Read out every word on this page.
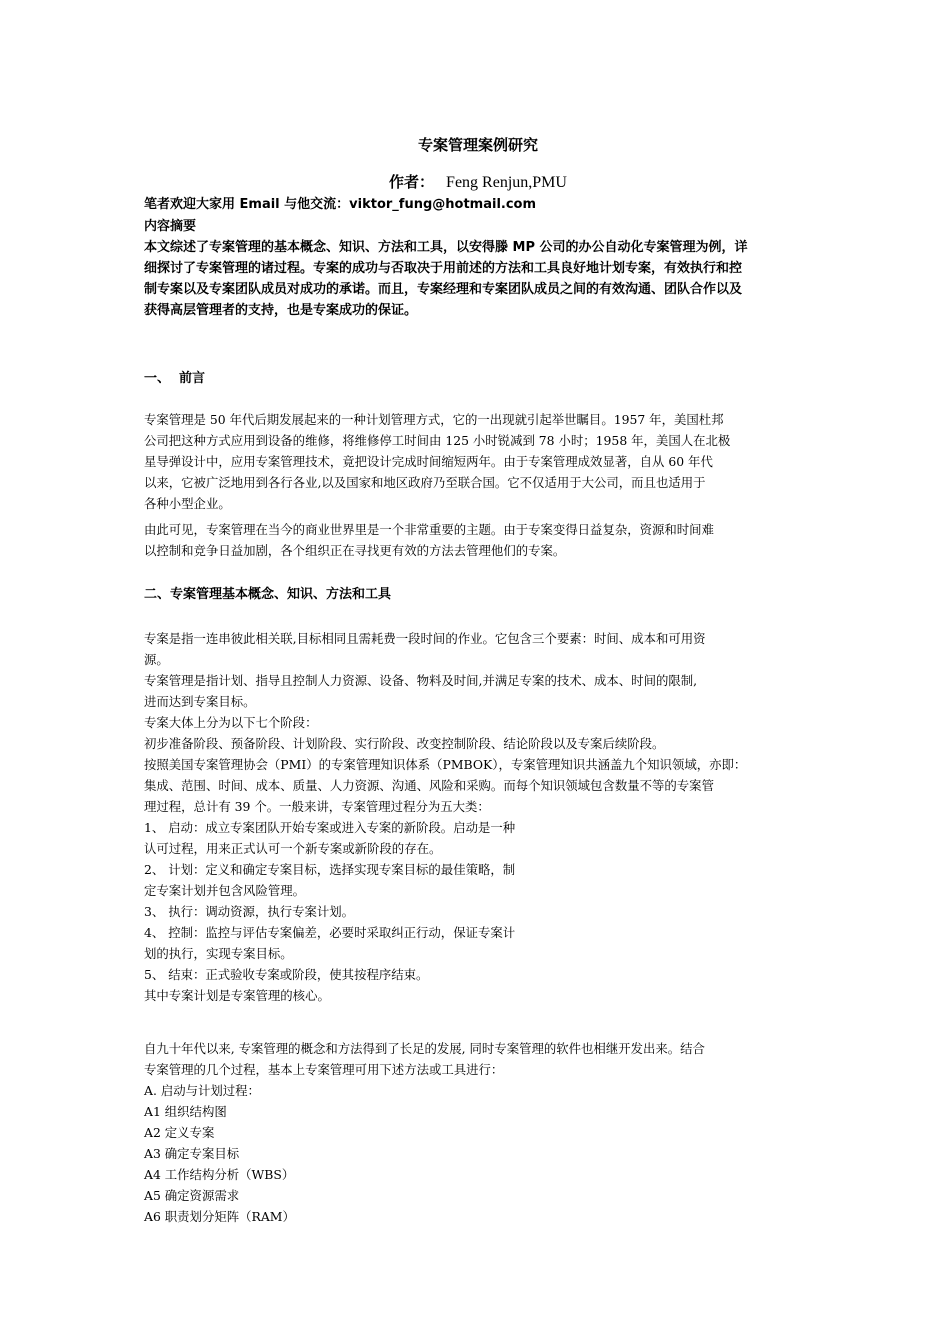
专案管理案例研究
作者： Feng Renjun,PMU
笔者欢迎大家用 Email 与他交流：viktor_fung@hotmail.com
内容摘要
本文综述了专案管理的基本概念、知识、方法和工具，以安得滕 MP 公司的办公自动化专案管理为例，详
细探讨了专案管理的诸过程。专案的成功与否取决于用前述的方法和工具良好地计划专案，有效执行和控
制专案以及专案团队成员对成功的承诺。而且，专案经理和专案团队成员之间的有效沟通、团队合作以及
获得高层管理者的支持，也是专案成功的保证。
一、  前言
专案管理是 50 年代后期发展起来的一种计划管理方式，它的一出现就引起举世瞩目。1957 年，美国杜邦
公司把这种方式应用到设备的维修，将维修停工时间由 125 小时锐减到 78 小时；1958 年，美国人在北极
星导弹设计中，应用专案管理技术，竟把设计完成时间缩短两年。由于专案管理成效显著，自从 60 年代
以来，它被广泛地用到各行各业,以及国家和地区政府乃至联合国。它不仅适用于大公司，而且也适用于
各种小型企业。
由此可见，专案管理在当今的商业世界里是一个非常重要的主题。由于专案变得日益复杂，资源和时间难
以控制和竞争日益加剧，各个组织正在寻找更有效的方法去管理他们的专案。
二、专案管理基本概念、知识、方法和工具
专案是指一连串彼此相关联,目标相同且需耗费一段时间的作业。它包含三个要素：时间、成本和可用资
源。
专案管理是指计划、指导且控制人力资源、设备、物料及时间,并满足专案的技术、成本、时间的限制,
进而达到专案目标。
专案大体上分为以下七个阶段：
初步准备阶段、预备阶段、计划阶段、实行阶段、改变控制阶段、结论阶段以及专案后续阶段。
按照美国专案管理协会（PMI）的专案管理知识体系（PMBOK），专案管理知识共涵盖九个知识领域，亦即：
集成、范围、时间、成本、质量、人力资源、沟通、风险和采购。而每个知识领域包含数量不等的专案管
理过程，总计有 39 个。一般来讲，专案管理过程分为五大类：
1、 启动：成立专案团队开始专案或进入专案的新阶段。启动是一种
认可过程，用来正式认可一个新专案或新阶段的存在。
2、 计划：定义和确定专案目标，选择实现专案目标的最佳策略，制
定专案计划并包含风险管理。
3、 执行：调动资源，执行专案计划。
4、 控制：监控与评估专案偏差，必要时采取纠正行动，保证专案计
划的执行，实现专案目标。
5、 结束：正式验收专案或阶段，使其按程序结束。
其中专案计划是专案管理的核心。
自九十年代以来, 专案管理的概念和方法得到了长足的发展, 同时专案管理的软件也相继开发出来。结合
专案管理的几个过程，基本上专案管理可用下述方法或工具进行：
A. 启动与计划过程：
A1 组织结构图
A2 定义专案
A3 确定专案目标
A4 工作结构分析（WBS）
A5 确定资源需求
A6 职责划分矩阵（RAM）
